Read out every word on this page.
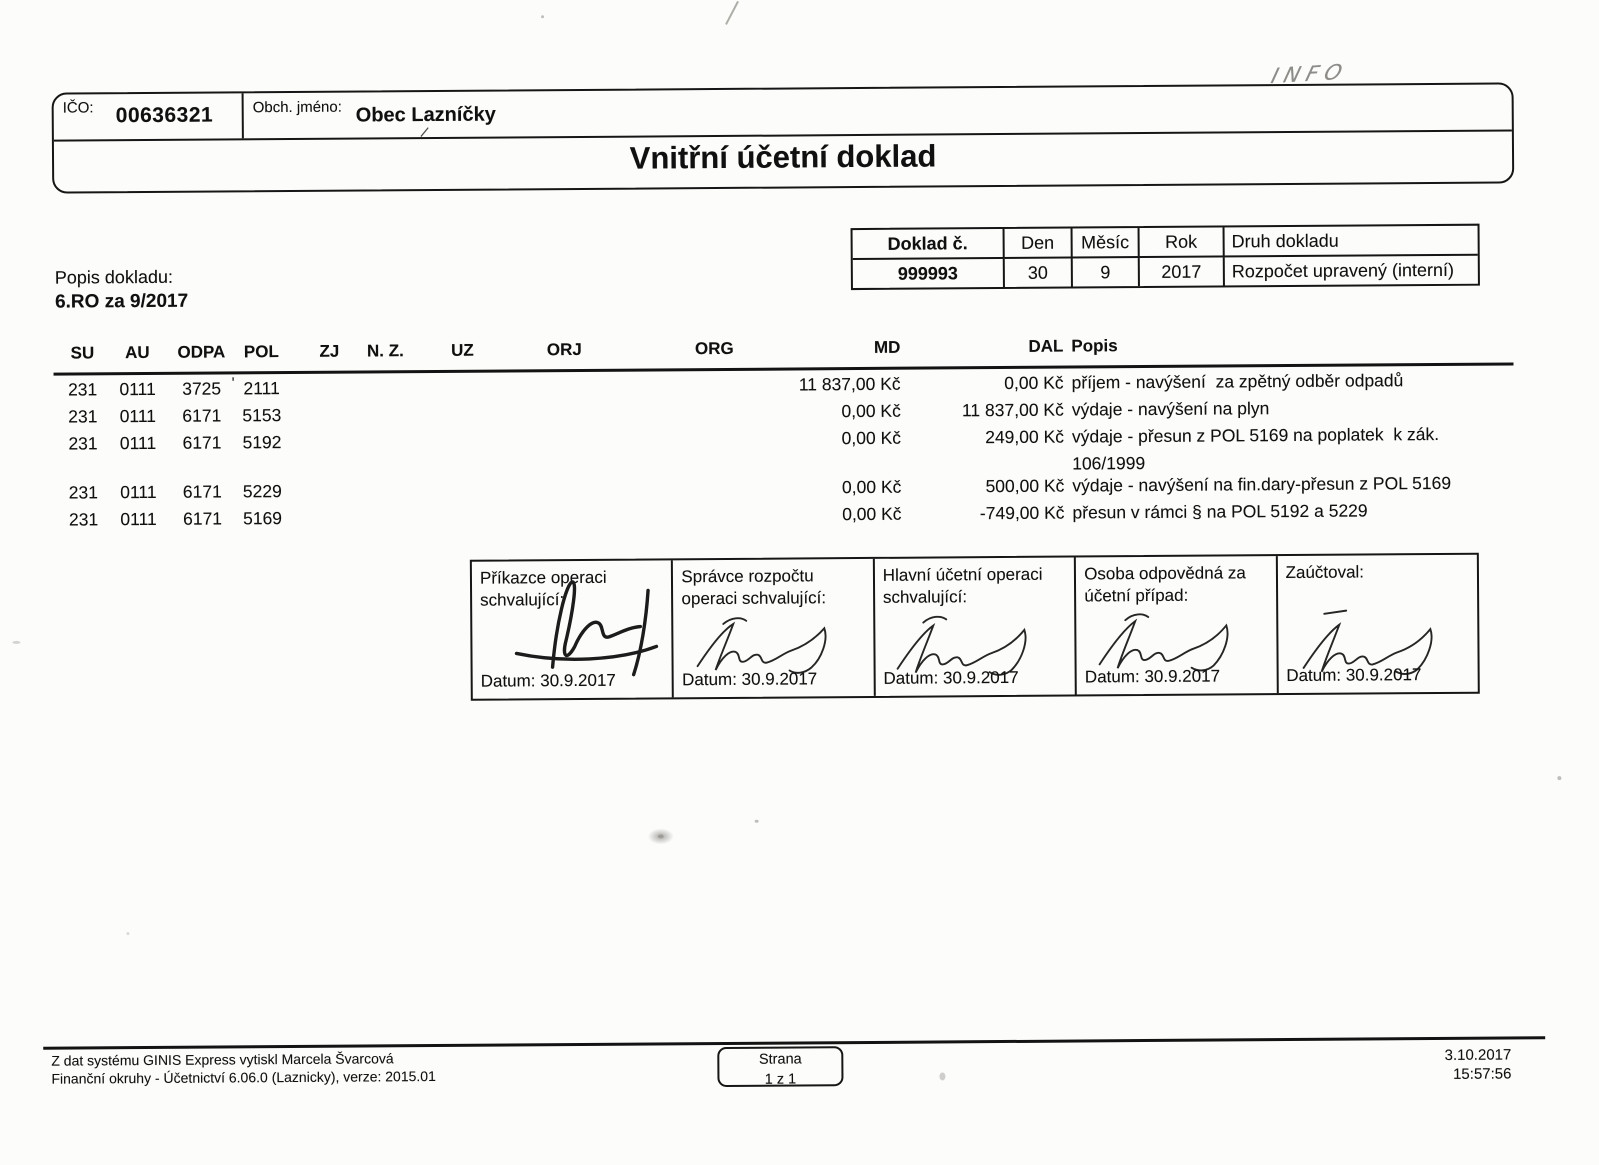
INFO
IČO: 00636321	Obch. jméno: Obec Lazníčky
Vnitřní účetní doklad
\
Doklad č.	Den	Měsíc	Rok	Druh dokladu
999993	30	9	2017	Rozpočet upravený (interní)
Popis dokladu:
6.RO za 9/2017
SU	AU	ODPA	POL	ZJ	N. Z.	UZ	ORJ	ORG	MD	DAL Popis
ʹ
231	0111	3725	2111	11 837,00 Kč	0,00 Kč příjem - navýšení  za zpětný odběr odpadů
231	0111	6171	5153	0,00 Kč	11 837,00 Kč výdaje - navýšení na plyn
231	0111	6171	5192	0,00 Kč	249,00 Kč výdaje - přesun z POL 5169 na poplatek  k zák.
106/1999
231	0111	6171	5229	0,00 Kč	500,00 Kč výdaje - navýšení na fin.dary-přesun z POL 5169
231	0111	6171	5169	0,00 Kč	-749,00 Kč přesun v rámci § na POL 5192 a 5229
Příkazce operaci schvalující:
Datum: 30.9.2017
Správce rozpočtu operaci schvalující:
Datum: 30.9.2017
Hlavní účetní operaci schvalující:
Datum: 30.9.2017
Osoba odpovědná za účetní případ:
Datum: 30.9.2017
Zaúčtoval:
Datum: 30.9.2017
Z dat systému GINIS Express vytiskl Marcela Švarcová
Finanční okruhy - Účetnictví 6.06.0 (Laznicky), verze: 2015.01
Strana
1 z 1
3.10.2017
15:57:56
